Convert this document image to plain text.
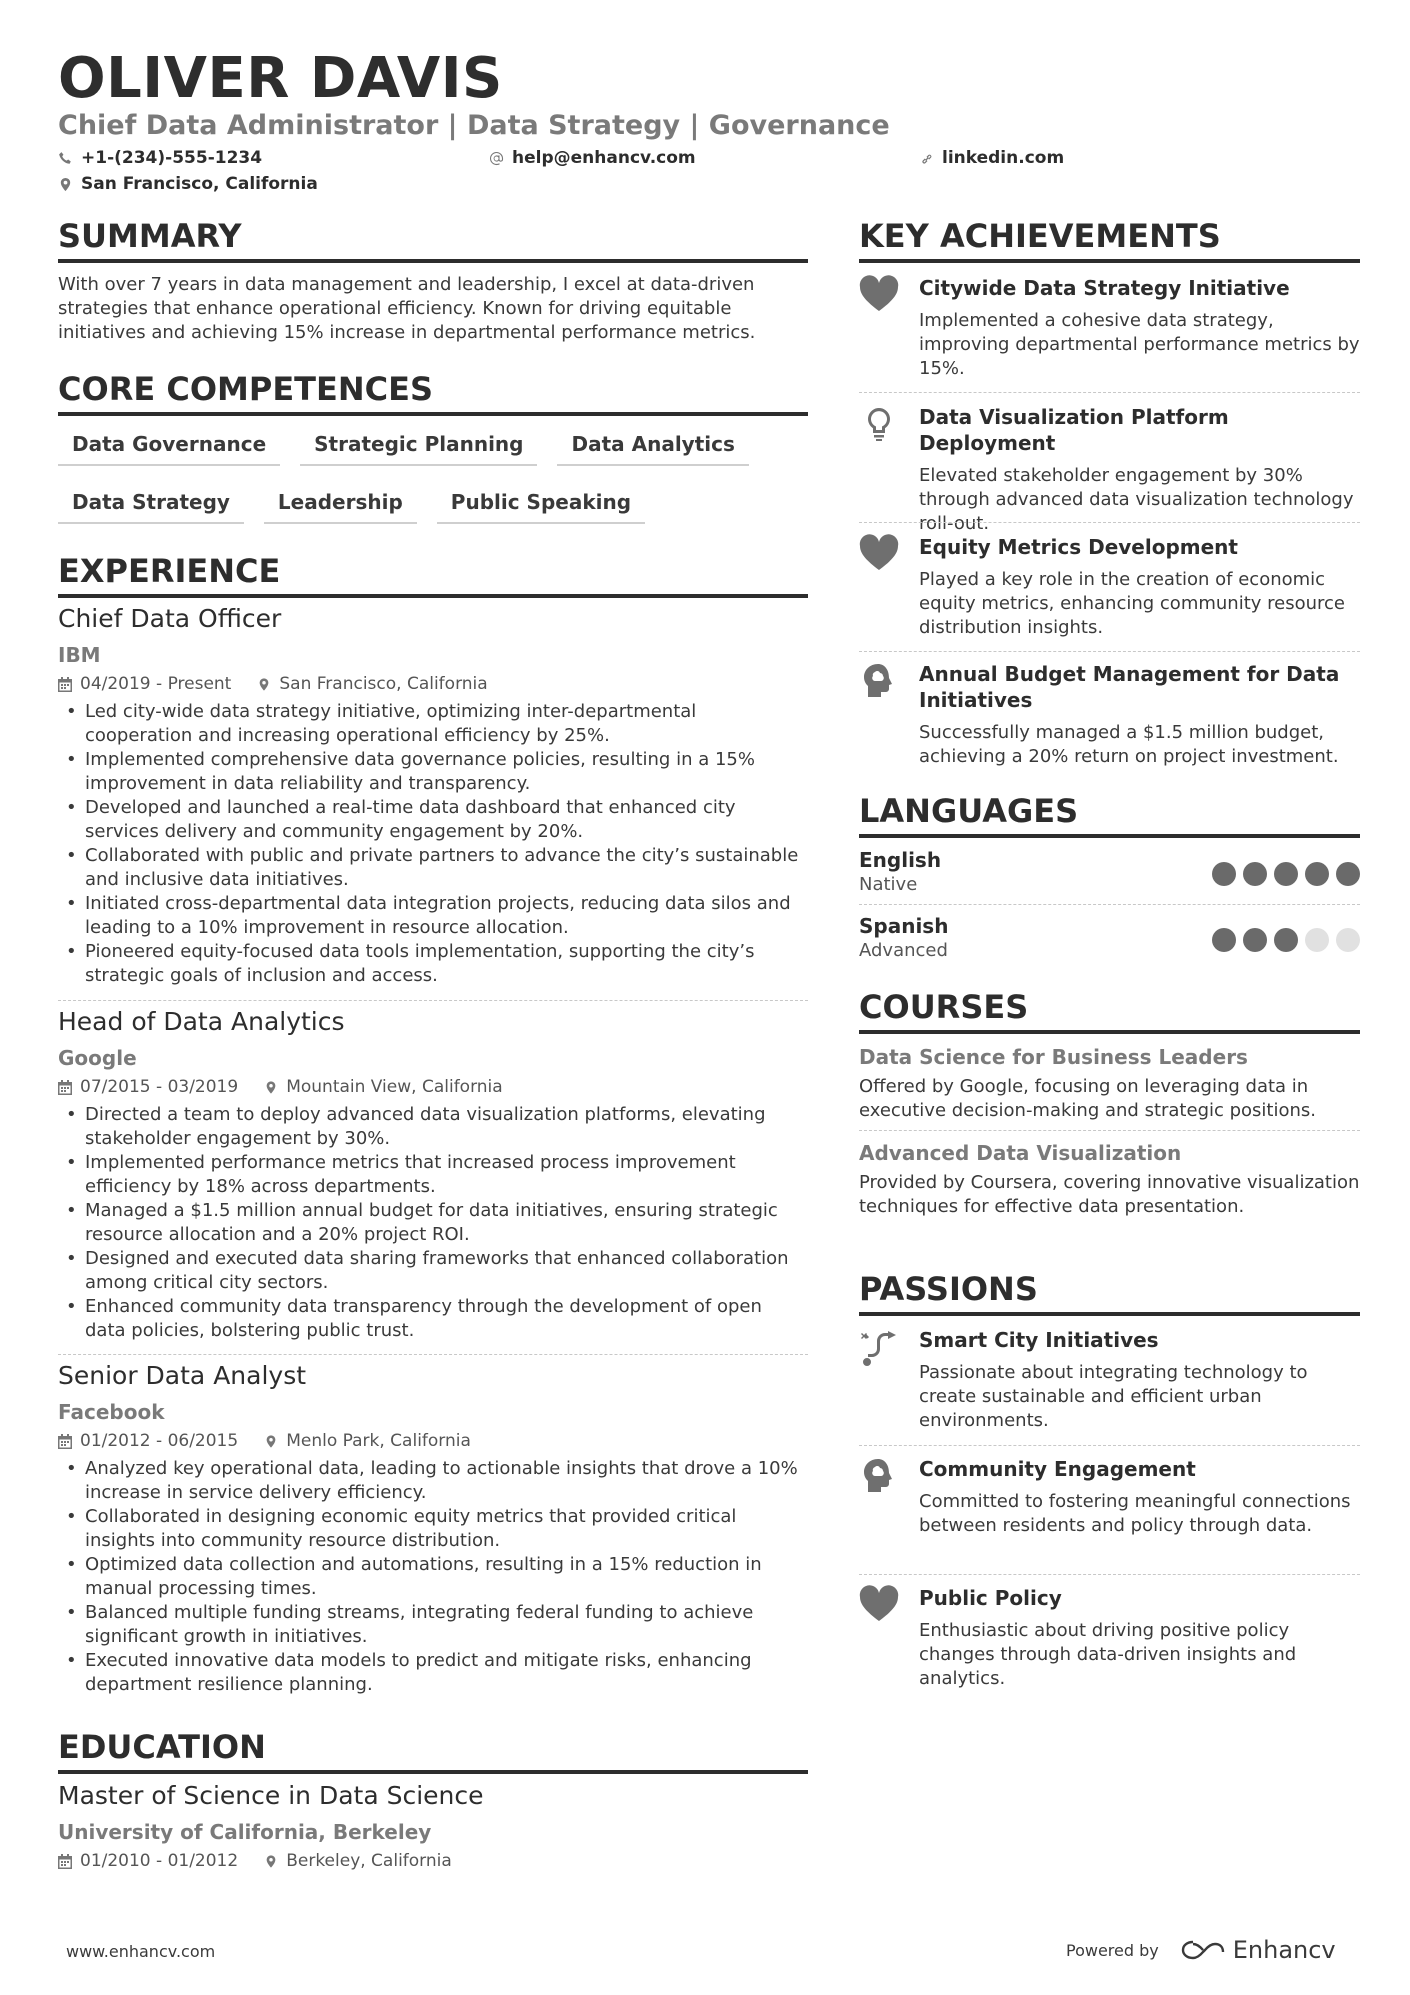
OLIVER DAVIS
Chief Data Administrator | Data Strategy | Governance
+1-(234)-555-1234	help@enhancv.com	linkedin.com
San Francisco, California
SUMMARY
With over 7 years in data management and leadership, I excel at data-driven strategies that enhance operational efficiency. Known for driving equitable initiatives and achieving 15% increase in departmental performance metrics.
CORE COMPETENCES
Data Governance	Strategic Planning	Data Analytics
Data Strategy	Leadership	Public Speaking
EXPERIENCE
Chief Data Officer
IBM
04/2019 - Present	San Francisco, California
• Led city-wide data strategy initiative, optimizing inter-departmental cooperation and increasing operational efficiency by 25%.
• Implemented comprehensive data governance policies, resulting in a 15% improvement in data reliability and transparency.
• Developed and launched a real-time data dashboard that enhanced city services delivery and community engagement by 20%.
• Collaborated with public and private partners to advance the city’s sustainable and inclusive data initiatives.
• Initiated cross-departmental data integration projects, reducing data silos and leading to a 10% improvement in resource allocation.
• Pioneered equity-focused data tools implementation, supporting the city’s strategic goals of inclusion and access.
Head of Data Analytics
Google
07/2015 - 03/2019	Mountain View, California
• Directed a team to deploy advanced data visualization platforms, elevating stakeholder engagement by 30%.
• Implemented performance metrics that increased process improvement efficiency by 18% across departments.
• Managed a $1.5 million annual budget for data initiatives, ensuring strategic resource allocation and a 20% project ROI.
• Designed and executed data sharing frameworks that enhanced collaboration among critical city sectors.
• Enhanced community data transparency through the development of open data policies, bolstering public trust.
Senior Data Analyst
Facebook
01/2012 - 06/2015	Menlo Park, California
• Analyzed key operational data, leading to actionable insights that drove a 10% increase in service delivery efficiency.
• Collaborated in designing economic equity metrics that provided critical insights into community resource distribution.
• Optimized data collection and automations, resulting in a 15% reduction in manual processing times.
• Balanced multiple funding streams, integrating federal funding to achieve significant growth in initiatives.
• Executed innovative data models to predict and mitigate risks, enhancing department resilience planning.
EDUCATION
Master of Science in Data Science
University of California, Berkeley
01/2010 - 01/2012	Berkeley, California
KEY ACHIEVEMENTS
Citywide Data Strategy Initiative
Implemented a cohesive data strategy, improving departmental performance metrics by 15%.
Data Visualization Platform Deployment
Elevated stakeholder engagement by 30% through advanced data visualization technology roll-out.
Equity Metrics Development
Played a key role in the creation of economic equity metrics, enhancing community resource distribution insights.
Annual Budget Management for Data Initiatives
Successfully managed a $1.5 million budget, achieving a 20% return on project investment.
LANGUAGES
English
Native
Spanish
Advanced
COURSES
Data Science for Business Leaders
Offered by Google, focusing on leveraging data in executive decision-making and strategic positions.
Advanced Data Visualization
Provided by Coursera, covering innovative visualization techniques for effective data presentation.
PASSIONS
Smart City Initiatives
Passionate about integrating technology to create sustainable and efficient urban environments.
Community Engagement
Committed to fostering meaningful connections between residents and policy through data.
Public Policy
Enthusiastic about driving positive policy changes through data-driven insights and analytics.
www.enhancv.com	Powered by	Enhancv
